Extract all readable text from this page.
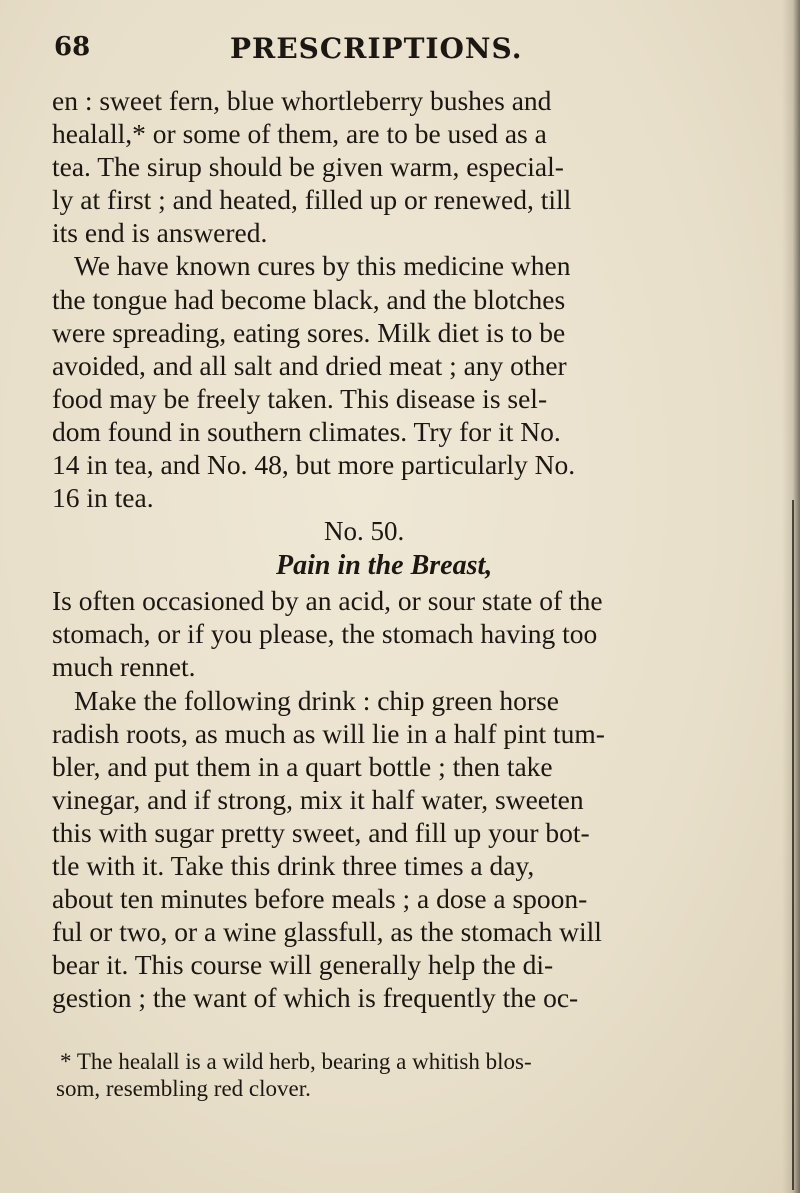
68	PRESCRIPTIONS.

en : sweet fern, blue whortleberry bushes and

healall,* or some of them, are to be used as a

tea. The sirup should be given warm, especial-

ly at first ; and heated, filled up or renewed, till

its end is answered.

We have known cures by this medicine when

the tongue had become black, and the blotches

were spreading, eating sores. Milk diet is to be

avoided, and all salt and dried meat ; any other

food may be freely taken. This disease is sel-

dom found in southern climates. Try for it No.

14 in tea, and No. 48, but more particularly No.

16 in tea.

No. 50.

Pain in the Breast,

Is often occasioned by an acid, or sour state of the

stomach, or if you please, the stomach having too

much rennet.

Make the following drink : chip green horse

radish roots, as much as will lie in a half pint tum-

bler, and put them in a quart bottle ; then take

vinegar, and if strong, mix it half water, sweeten

this with sugar pretty sweet, and fill up your bot-

tle with it. Take this drink three times a day,

about ten minutes before meals ; a dose a spoon-

ful or two, or a wine glassfull, as the stomach will

bear it. This course will generally help the di-

gestion ; the want of which is frequently the oc-

* The healall is a wild herb, bearing a whitish blos-

som, resembling red clover.
